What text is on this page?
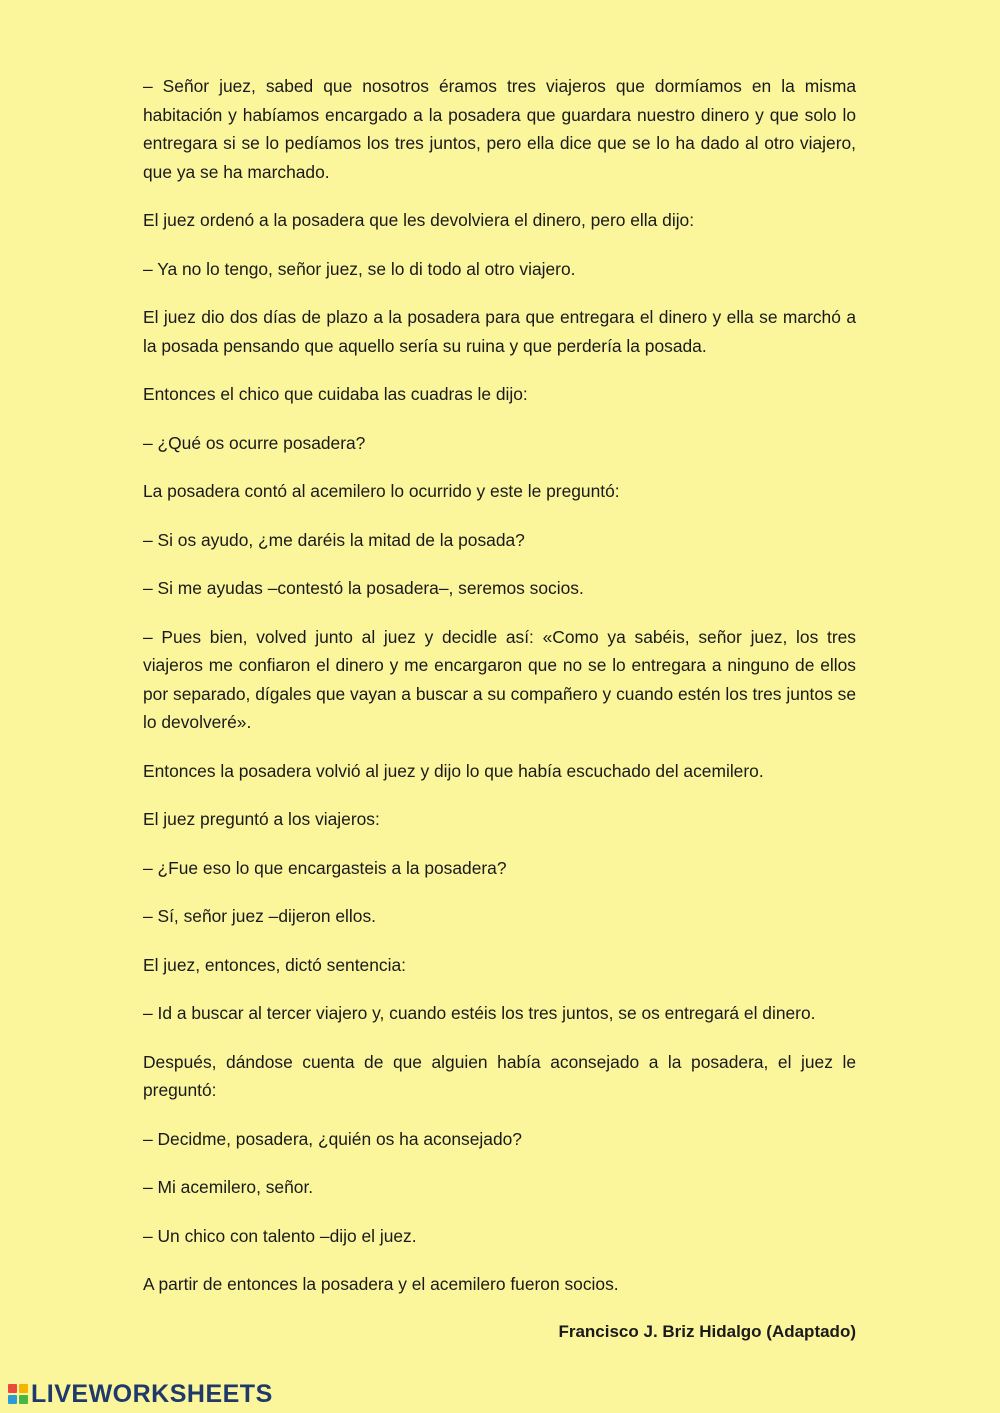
– Señor juez, sabed que nosotros éramos tres viajeros que dormíamos en la misma habitación y habíamos encargado a la posadera que guardara nuestro dinero y que solo lo entregara si se lo pedíamos los tres juntos, pero ella dice que se lo ha dado al otro viajero, que ya se ha marchado.

El juez ordenó a la posadera que les devolviera el dinero, pero ella dijo:

– Ya no lo tengo, señor juez, se lo di todo al otro viajero.

El juez dio dos días de plazo a la posadera para que entregara el dinero y ella se marchó a la posada pensando que aquello sería su ruina y que perdería la posada.

Entonces el chico que cuidaba las cuadras le dijo:

– ¿Qué os ocurre posadera?

La posadera contó al acemilero lo ocurrido y este le preguntó:

– Si os ayudo, ¿me daréis la mitad de la posada?

– Si me ayudas –contestó la posadera–, seremos socios.

– Pues bien, volved junto al juez y decidle así: «Como ya sabéis, señor juez, los tres viajeros me confiaron el dinero y me encargaron que no se lo entregara a ninguno de ellos por separado, dígales que vayan a buscar a su compañero y cuando estén los tres juntos se lo devolveré».

Entonces la posadera volvió al juez y dijo lo que había escuchado del acemilero.

El juez preguntó a los viajeros:

– ¿Fue eso lo que encargasteis a la posadera?

– Sí, señor juez –dijeron ellos.

El juez, entonces, dictó sentencia:

– Id a buscar al tercer viajero y, cuando estéis los tres juntos, se os entregará el dinero.

Después, dándose cuenta de que alguien había aconsejado a la posadera, el juez le preguntó:

– Decidme, posadera, ¿quién os ha aconsejado?

– Mi acemilero, señor.

– Un chico con talento –dijo el juez.

A partir de entonces la posadera y el acemilero fueron socios.

Francisco J. Briz Hidalgo (Adaptado)
LIVEWORKSHEETS
